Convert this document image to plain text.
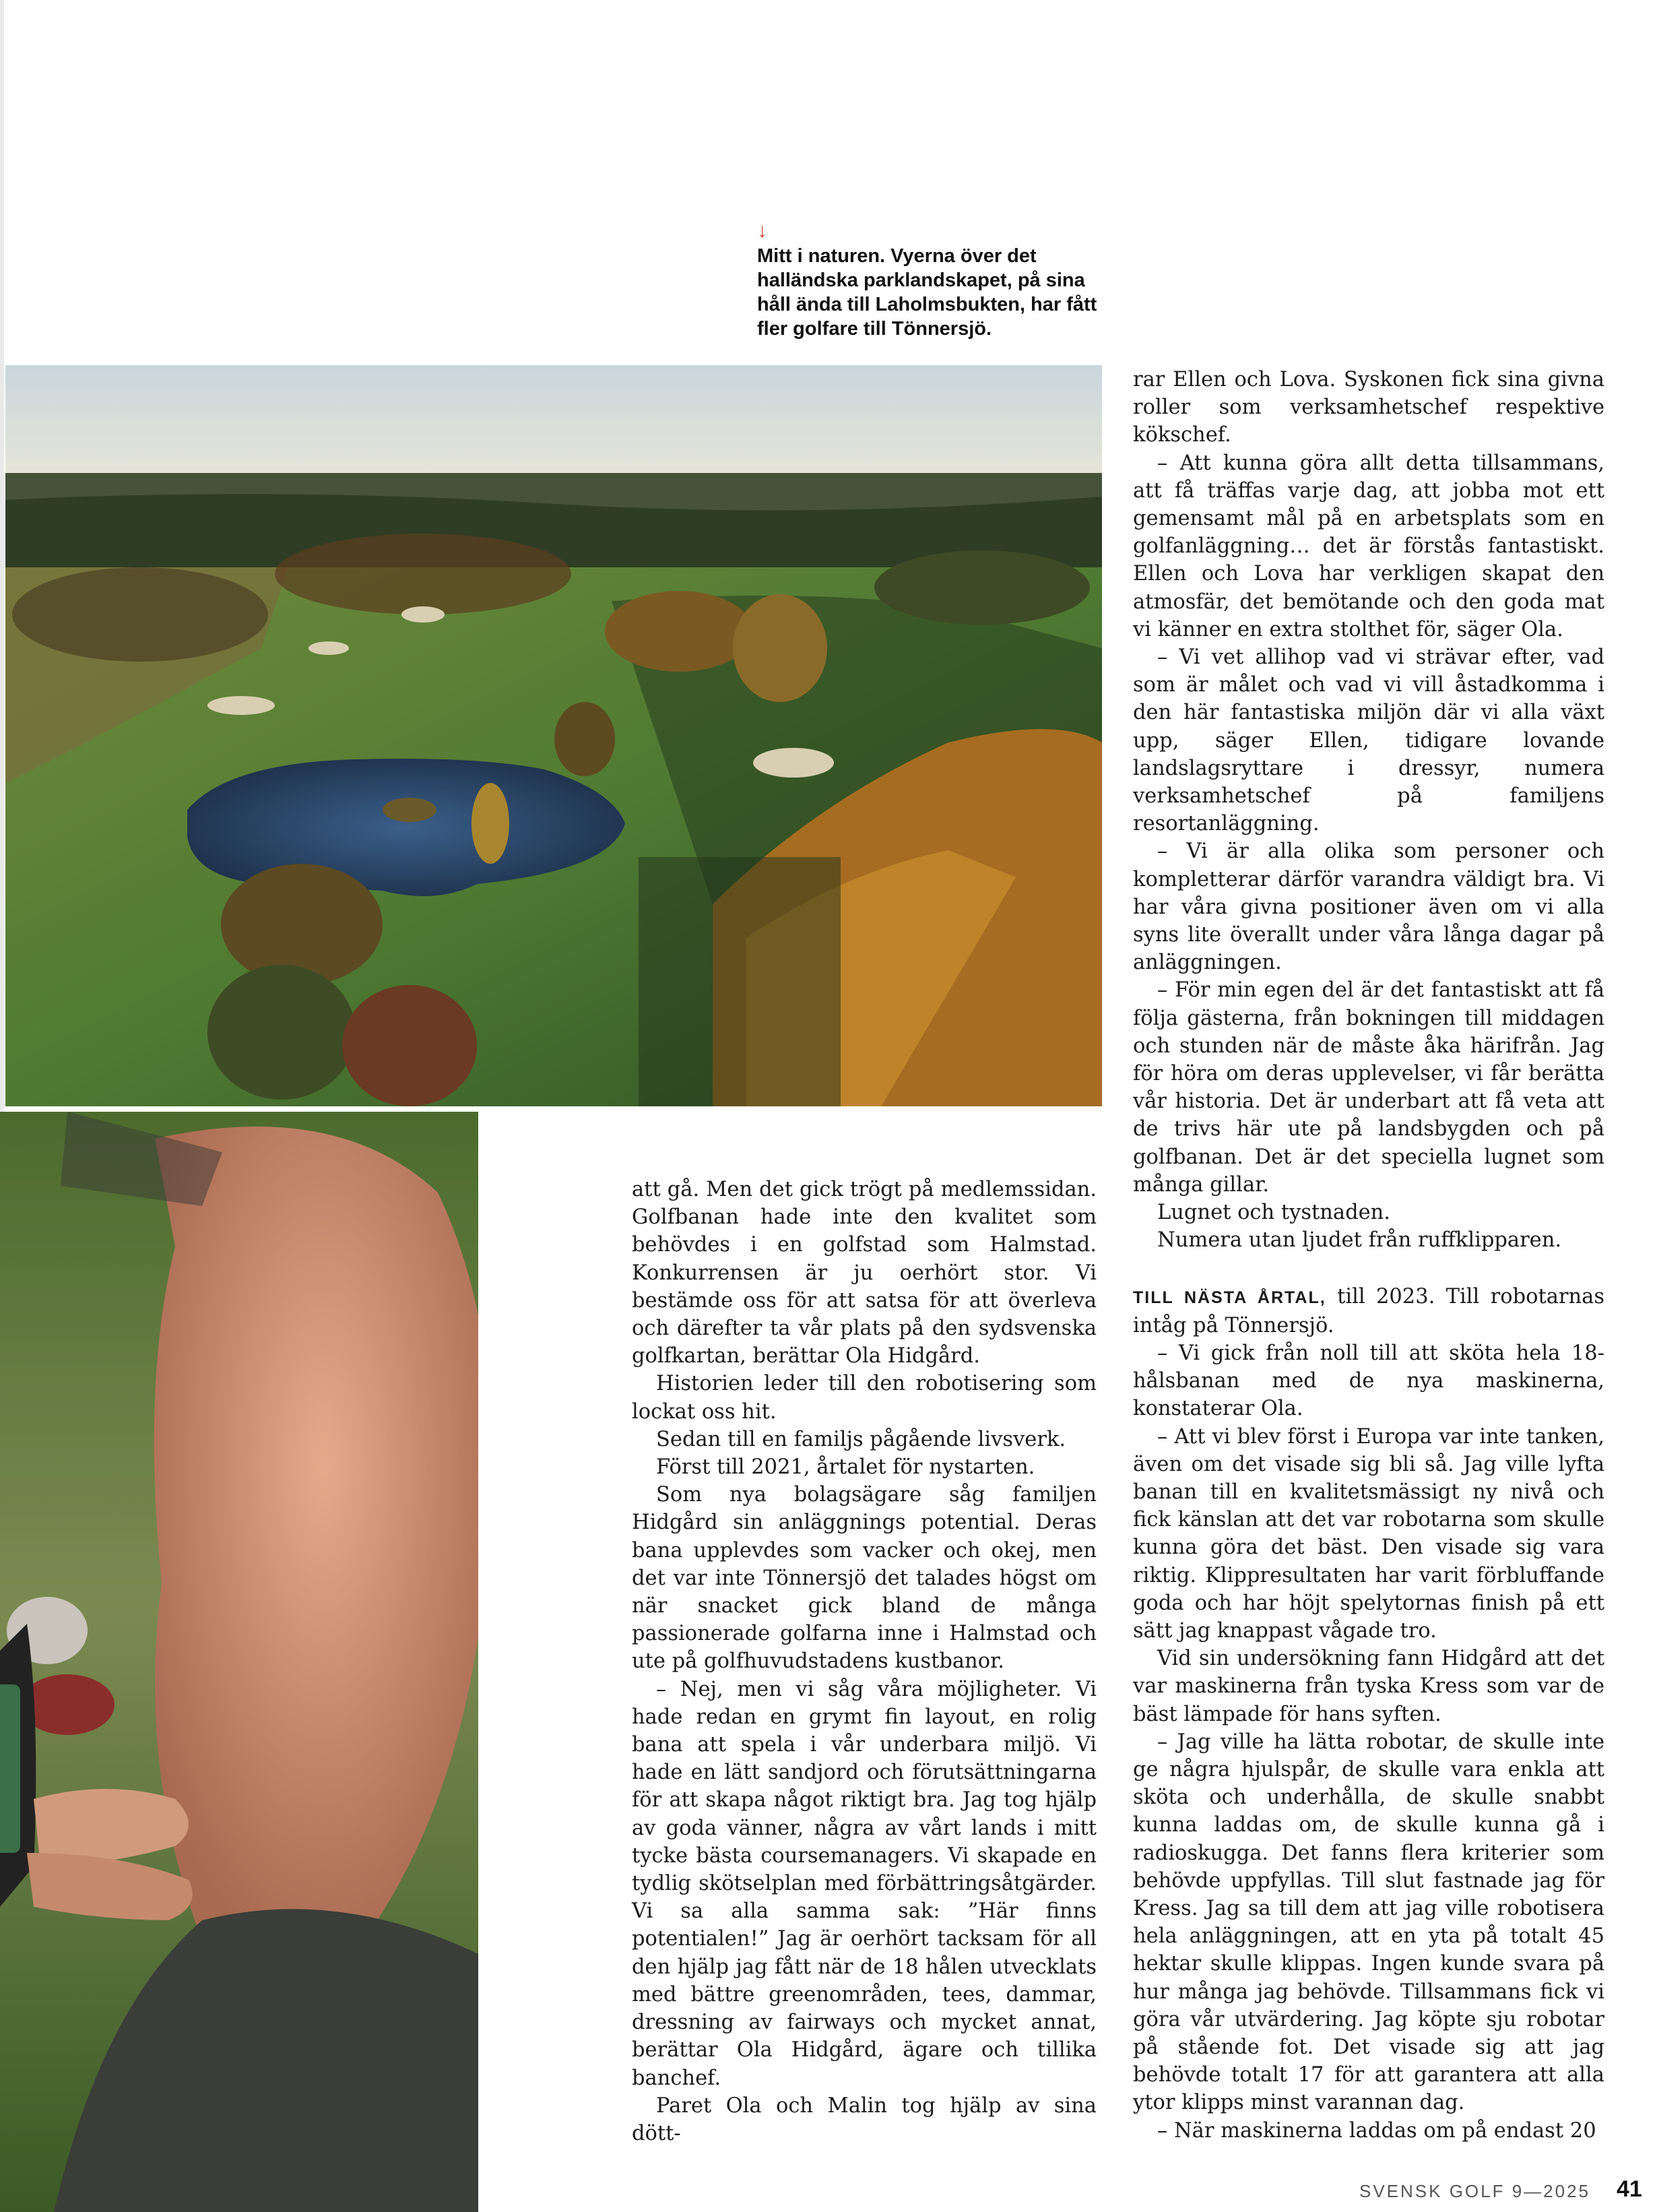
↓
Mitt i naturen. Vyerna över det halländska parklandskapet, på sina håll ända till Laholmsbukten, har fått fler golfare till Tönnersjö.

att gå. Men det gick trögt på medlemssidan. Golfbanan hade inte den kvalitet som behövdes i en golfstad som Halmstad. Konkurrensen är ju oerhört stor. Vi bestämde oss för att satsa för att överleva och därefter ta vår plats på den sydsvenska golfkartan, berättar Ola Hidgård.

Historien leder till den robotisering som lockat oss hit.

Sedan till en familjs pågående livsverk.

Först till 2021, årtalet för nystarten.

Som nya bolagsägare såg familjen Hidgård sin anläggnings potential. Deras bana upplevdes som vacker och okej, men det var inte Tönnersjö det talades högst om när snacket gick bland de många passionerade golfarna inne i Halmstad och ute på golfhuvudstadens kustbanor.

– Nej, men vi såg våra möjligheter. Vi hade redan en grymt fin layout, en rolig bana att spela i vår underbara miljö. Vi hade en lätt sandjord och förutsättningarna för att skapa något riktigt bra. Jag tog hjälp av goda vänner, några av vårt lands i mitt tycke bästa coursemanagers. Vi skapade en tydlig skötselplan med förbättringsåtgärder. Vi sa alla samma sak: ”Här finns potentialen!” Jag är oerhört tacksam för all den hjälp jag fått när de 18 hålen utvecklats med bättre greenområden, tees, dammar, dressning av fairways och mycket annat, berättar Ola Hidgård, ägare och tillika banchef.

Paret Ola och Malin tog hjälp av sina dött-

rar Ellen och Lova. Syskonen fick sina givna roller som verksamhetschef respektive kökschef.

– Att kunna göra allt detta tillsammans, att få träffas varje dag, att jobba mot ett gemensamt mål på en arbetsplats som en golfanläggning… det är förstås fantastiskt. Ellen och Lova har verkligen skapat den atmosfär, det bemötande och den goda mat vi känner en extra stolthet för, säger Ola.

– Vi vet allihop vad vi strävar efter, vad som är målet och vad vi vill åstadkomma i den här fantastiska miljön där vi alla växt upp, säger Ellen, tidigare lovande landslagsryttare i dressyr, numera verksamhetschef på familjens resortanläggning.

– Vi är alla olika som personer och kompletterar därför varandra väldigt bra. Vi har våra givna positioner även om vi alla syns lite överallt under våra långa dagar på anläggningen.

– För min egen del är det fantastiskt att få följa gästerna, från bokningen till middagen och stunden när de måste åka härifrån. Jag för höra om deras upplevelser, vi får berätta vår historia. Det är underbart att få veta att de trivs här ute på landsbygden och på golfbanan. Det är det speciella lugnet som många gillar.

Lugnet och tystnaden.

Numera utan ljudet från ruffklipparen.

TILL NÄSTA ÅRTAL, till 2023. Till robotarnas intåg på Tönnersjö.

– Vi gick från noll till att sköta hela 18-hålsbanan med de nya maskinerna, konstaterar Ola.

– Att vi blev först i Europa var inte tanken, även om det visade sig bli så. Jag ville lyfta banan till en kvalitetsmässigt ny nivå och fick känslan att det var robotarna som skulle kunna göra det bäst. Den visade sig vara riktig. Klippresultaten har varit förbluffande goda och har höjt spelytornas finish på ett sätt jag knappast vågade tro.

Vid sin undersökning fann Hidgård att det var maskinerna från tyska Kress som var de bäst lämpade för hans syften.

– Jag ville ha lätta robotar, de skulle inte ge några hjulspår, de skulle vara enkla att sköta och underhålla, de skulle snabbt kunna laddas om, de skulle kunna gå i radioskugga. Det fanns flera kriterier som behövde uppfyllas. Till slut fastnade jag för Kress. Jag sa till dem att jag ville robotisera hela anläggningen, att en yta på totalt 45 hektar skulle klippas. Ingen kunde svara på hur många jag behövde. Tillsammans fick vi göra vår utvärdering. Jag köpte sju robotar på stående fot. Det visade sig att jag behövde totalt 17 för att garantera att alla ytor klipps minst varannan dag.

– När maskinerna laddas om på endast 20

SVENSK GOLF 9—2025 41
